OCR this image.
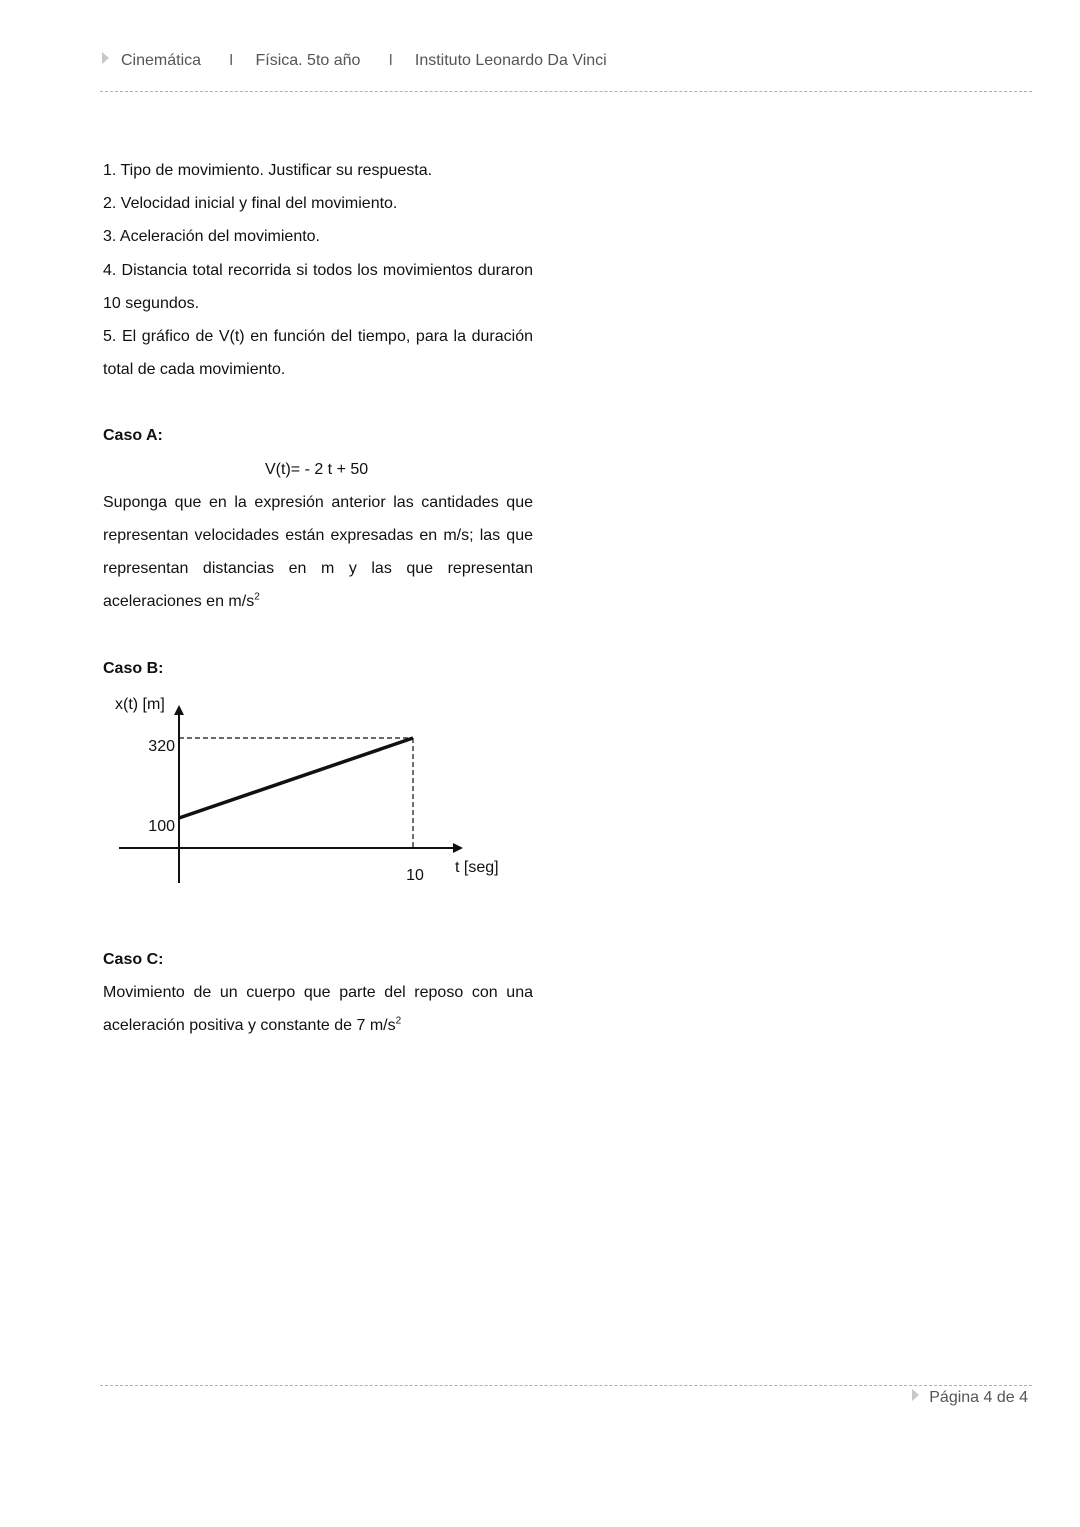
Cinemática I Física. 5to año I Instituto Leonardo Da Vinci

1. Tipo de movimiento. Justificar su respuesta.

2. Velocidad inicial y final del movimiento.

3. Aceleración del movimiento.

4. Distancia total recorrida si todos los movimientos duraron 10 segundos.

5. El gráfico de V(t) en función del tiempo, para la duración total de cada movimiento.

Caso A:

V(t)= - 2 t + 50

Suponga que en la expresión anterior las cantidades que representan velocidades están expresadas en m/s; las que representan distancias en m y las que representan aceleraciones en $m/s^2$

Caso B:

320
100
10
x(t) [m]
t [seg]

Caso C:

Movimiento de un cuerpo que parte del reposo con una aceleración positiva y constante de 7 $m/s^2$

Página 4 de 4
